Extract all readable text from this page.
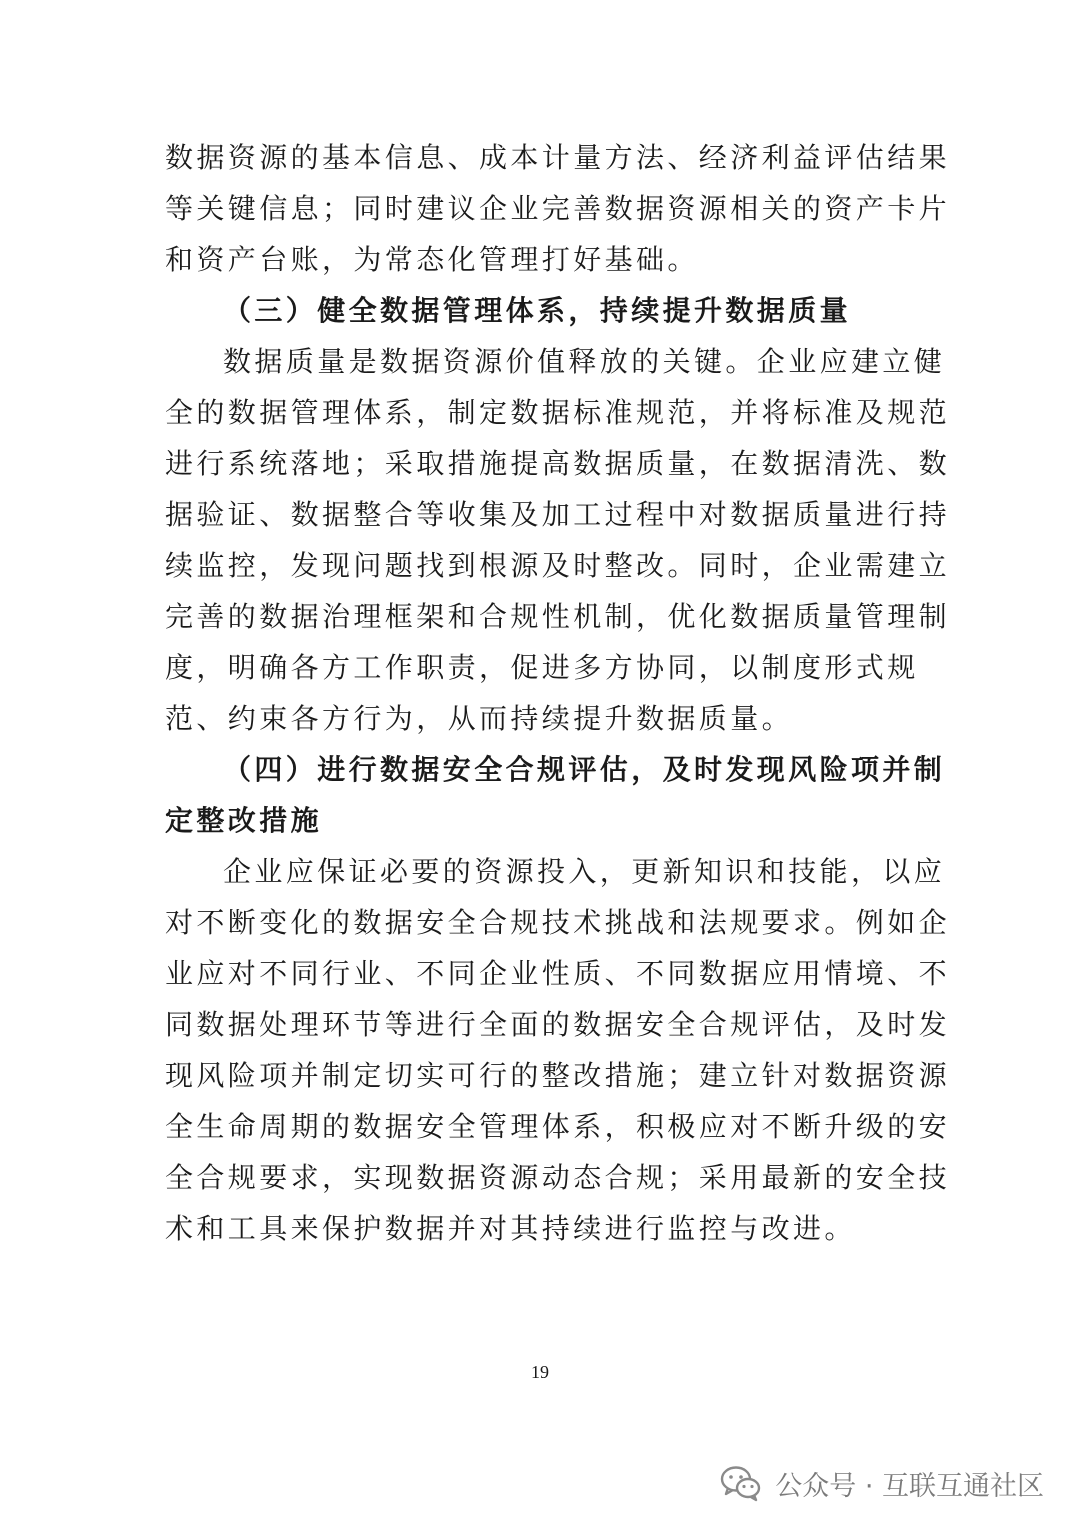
数据资源的基本信息、成本计量方法、经济利益评估结果
等关键信息；同时建议企业完善数据资源相关的资产卡片
和资产台账，为常态化管理打好基础。
（三）健全数据管理体系，持续提升数据质量
数据质量是数据资源价值释放的关键。企业应建立健
全的数据管理体系，制定数据标准规范，并将标准及规范
进行系统落地；采取措施提高数据质量，在数据清洗、数
据验证、数据整合等收集及加工过程中对数据质量进行持
续监控，发现问题找到根源及时整改。同时，企业需建立
完善的数据治理框架和合规性机制，优化数据质量管理制
度，明确各方工作职责，促进多方协同，以制度形式规
范、约束各方行为，从而持续提升数据质量。
（四）进行数据安全合规评估，及时发现风险项并制
定整改措施
企业应保证必要的资源投入，更新知识和技能，以应
对不断变化的数据安全合规技术挑战和法规要求。例如企
业应对不同行业、不同企业性质、不同数据应用情境、不
同数据处理环节等进行全面的数据安全合规评估，及时发
现风险项并制定切实可行的整改措施；建立针对数据资源
全生命周期的数据安全管理体系，积极应对不断升级的安
全合规要求，实现数据资源动态合规；采用最新的安全技
术和工具来保护数据并对其持续进行监控与改进。
19
公众号 · 互联互通社区
